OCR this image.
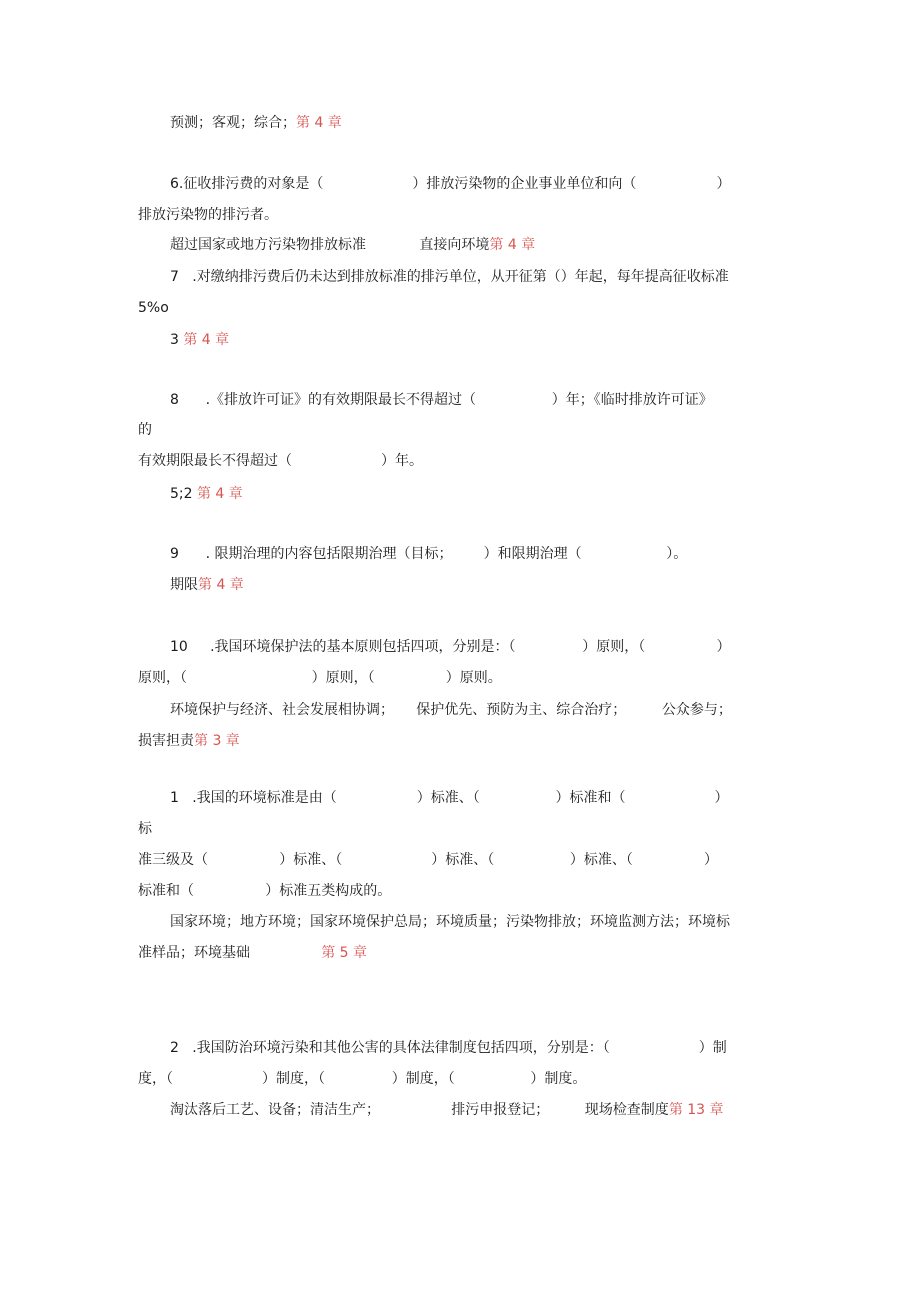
预测；客观；综合；第 4 章
6.征收排污费的对象是（                    ）排放污染物的企业事业单位和向（                  ）
排放污染物的排污者。
超过国家或地方污染物排放标准            直接向环境第 4 章
7   .对缴纳排污费后仍未达到排放标准的排污单位，从开征第（）年起，每年提高征收标准
5%o
3 第 4 章
8      .《排放许可证》的有效期限最长不得超过（                 ）年；《临时排放许可证》
的
有效期限最长不得超过（                    ）年。
5;2 第 4 章
9      . 限期治理的内容包括限期治理（目标；       ）和限期治理（                   ）。
期限第 4 章
10     .我国环境保护法的基本原则包括四项，分别是：（               ）原则，（                ）
原则，（                            ）原则，（                ）原则。
环境保护与经济、社会发展相协调；     保护优先、预防为主、综合治疗；        公众参与；
损害担责第 3 章
1   .我国的环境标准是由（                  ）标准、（                 ）标准和（                    ）
标
准三级及（                ）标准、（                    ）标准、（                 ）标准、（                ）
标准和（                ）标准五类构成的。
国家环境；地方环境；国家环境保护总局；环境质量；污染物排放；环境监测方法；环境标
准样品；环境基础                第 5 章
2   .我国防治环境污染和其他公害的具体法律制度包括四项，分别是：（                    ）制
度，（                    ）制度，（               ）制度，（                 ）制度。
淘汰落后工艺、设备；清洁生产；                排污申报登记；        现场检查制度第 13 章
